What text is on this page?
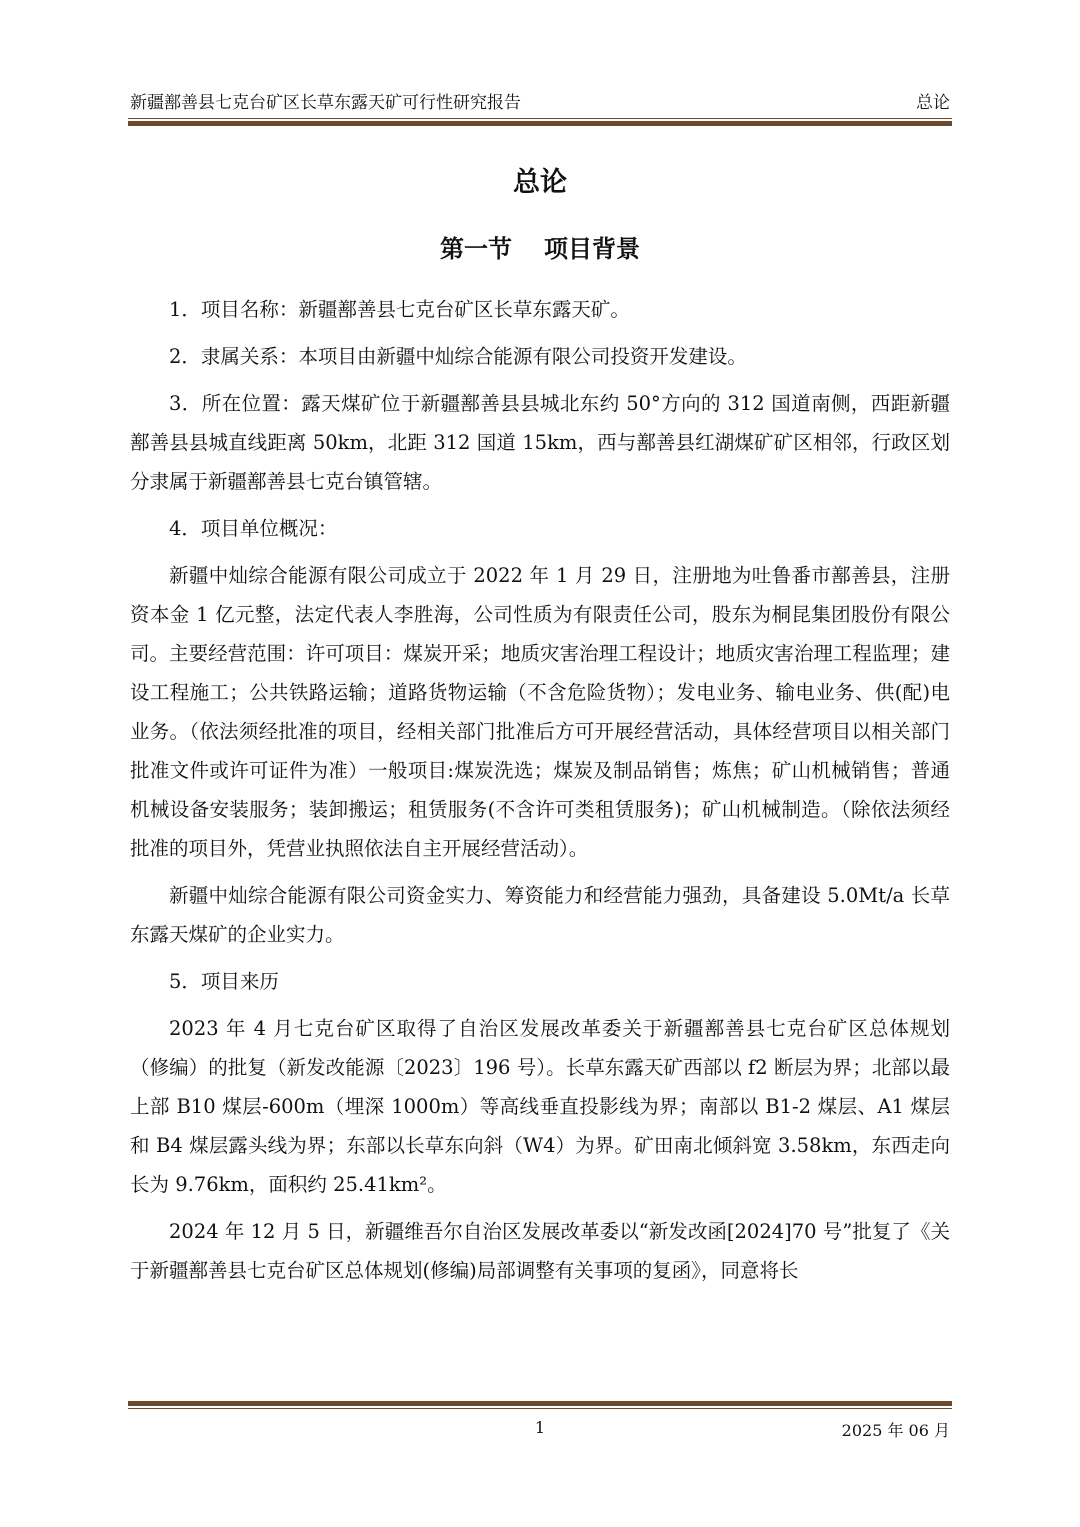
新疆鄯善县七克台矿区长草东露天矿可行性研究报告	总论
总论
第一节 项目背景

1．项目名称：新疆鄯善县七克台矿区长草东露天矿。

2．隶属关系：本项目由新疆中灿综合能源有限公司投资开发建设。

3．所在位置：露天煤矿位于新疆鄯善县县城北东约 50°方向的 312 国道南侧，西距新疆鄯善县县城直线距离 50km，北距 312 国道 15km，西与鄯善县红湖煤矿矿区相邻，行政区划分隶属于新疆鄯善县七克台镇管辖。

4．项目单位概况：

新疆中灿综合能源有限公司成立于 2022 年 1 月 29 日，注册地为吐鲁番市鄯善县，注册资本金 1 亿元整，法定代表人李胜海，公司性质为有限责任公司，股东为桐昆集团股份有限公司。主要经营范围：许可项目：煤炭开采；地质灾害治理工程设计；地质灾害治理工程监理；建设工程施工；公共铁路运输；道路货物运输（不含危险货物）；发电业务、输电业务、供(配)电业务。（依法须经批准的项目，经相关部门批准后方可开展经营活动，具体经营项目以相关部门批准文件或许可证件为准）一般项目:煤炭洗选；煤炭及制品销售；炼焦；矿山机械销售；普通机械设备安装服务；装卸搬运；租赁服务(不含许可类租赁服务)；矿山机械制造。（除依法须经批准的项目外，凭营业执照依法自主开展经营活动）。

新疆中灿综合能源有限公司资金实力、筹资能力和经营能力强劲，具备建设 5.0Mt/a 长草东露天煤矿的企业实力。

5．项目来历

2023 年 4 月七克台矿区取得了自治区发展改革委关于新疆鄯善县七克台矿区总体规划（修编）的批复（新发改能源〔2023〕196 号）。长草东露天矿西部以 f2 断层为界；北部以最上部 B10 煤层-600m（埋深 1000m）等高线垂直投影线为界；南部以 B1-2 煤层、A1 煤层和 B4 煤层露头线为界；东部以长草东向斜（W4）为界。矿田南北倾斜宽 3.58km，东西走向长为 9.76km，面积约 25.41km²。

2024 年 12 月 5 日，新疆维吾尔自治区发展改革委以“新发改函[2024]70 号”批复了《关于新疆鄯善县七克台矿区总体规划(修编)局部调整有关事项的复函》，同意将长

1	2025 年 06 月
